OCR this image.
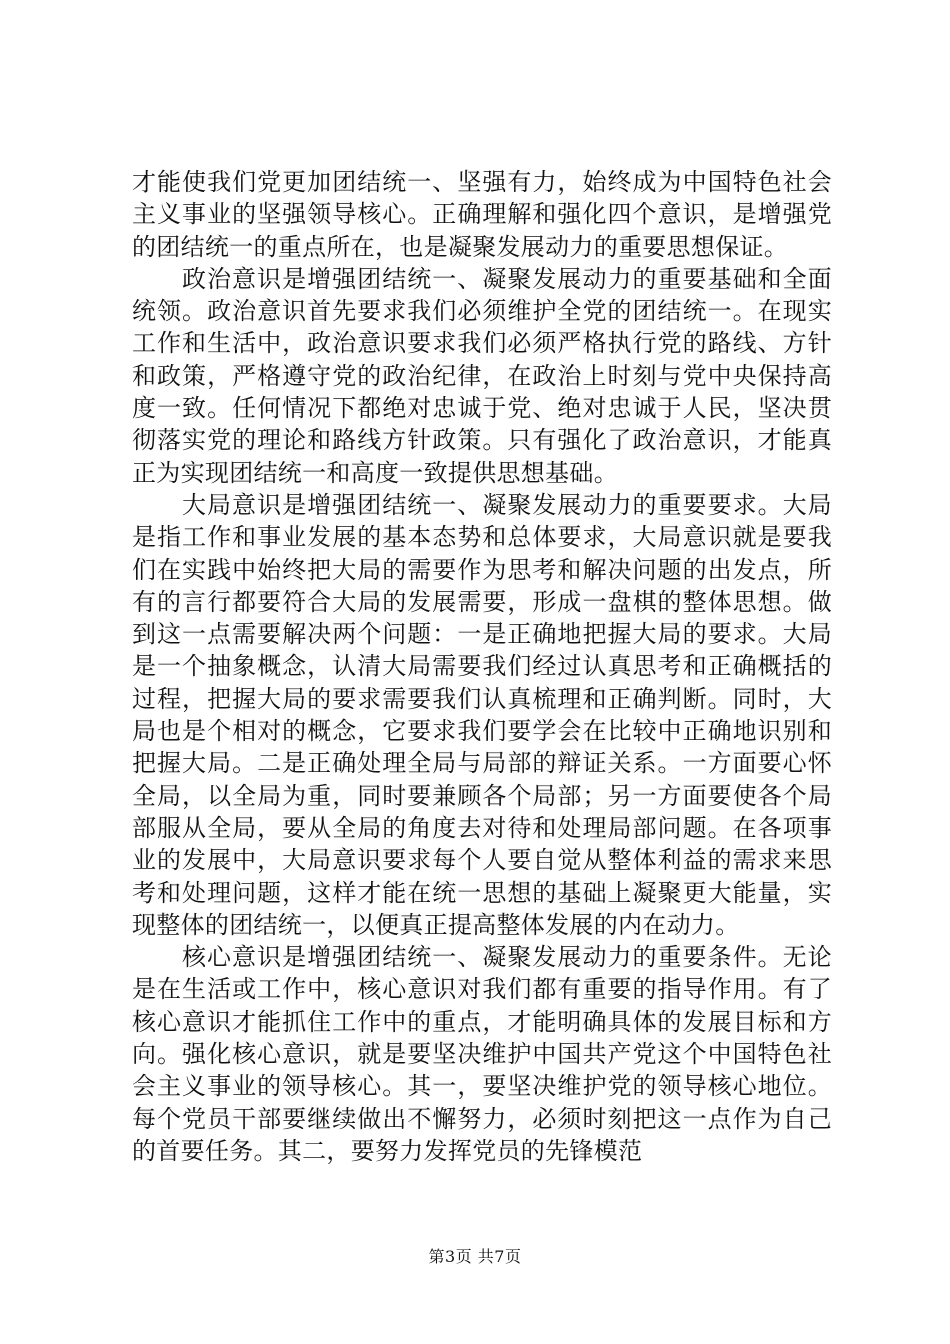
才能使我们党更加团结统一、坚强有力，始终成为中国特色社会主义事业的坚强领导核心。正确理解和强化四个意识，是增强党的团结统一的重点所在，也是凝聚发展动力的重要思想保证。

政治意识是增强团结统一、凝聚发展动力的重要基础和全面统领。政治意识首先要求我们必须维护全党的团结统一。在现实工作和生活中，政治意识要求我们必须严格执行党的路线、方针和政策，严格遵守党的政治纪律，在政治上时刻与党中央保持高度一致。任何情况下都绝对忠诚于党、绝对忠诚于人民，坚决贯彻落实党的理论和路线方针政策。只有强化了政治意识，才能真正为实现团结统一和高度一致提供思想基础。

大局意识是增强团结统一、凝聚发展动力的重要要求。大局是指工作和事业发展的基本态势和总体要求，大局意识就是要我们在实践中始终把大局的需要作为思考和解决问题的出发点，所有的言行都要符合大局的发展需要，形成一盘棋的整体思想。做到这一点需要解决两个问题：一是正确地把握大局的要求。大局是一个抽象概念，认清大局需要我们经过认真思考和正确概括的过程，把握大局的要求需要我们认真梳理和正确判断。同时，大局也是个相对的概念，它要求我们要学会在比较中正确地识别和把握大局。二是正确处理全局与局部的辩证关系。一方面要心怀全局，以全局为重，同时要兼顾各个局部；另一方面要使各个局部服从全局，要从全局的角度去对待和处理局部问题。在各项事业的发展中，大局意识要求每个人要自觉从整体利益的需求来思考和处理问题，这样才能在统一思想的基础上凝聚更大能量，实现整体的团结统一，以便真正提高整体发展的内在动力。

核心意识是增强团结统一、凝聚发展动力的重要条件。无论是在生活或工作中，核心意识对我们都有重要的指导作用。有了核心意识才能抓住工作中的重点，才能明确具体的发展目标和方向。强化核心意识，就是要坚决维护中国共产党这个中国特色社会主义事业的领导核心。其一，要坚决维护党的领导核心地位。每个党员干部要继续做出不懈努力，必须时刻把这一点作为自己的首要任务。其二，要努力发挥党员的先锋模范

第3页 共7页
